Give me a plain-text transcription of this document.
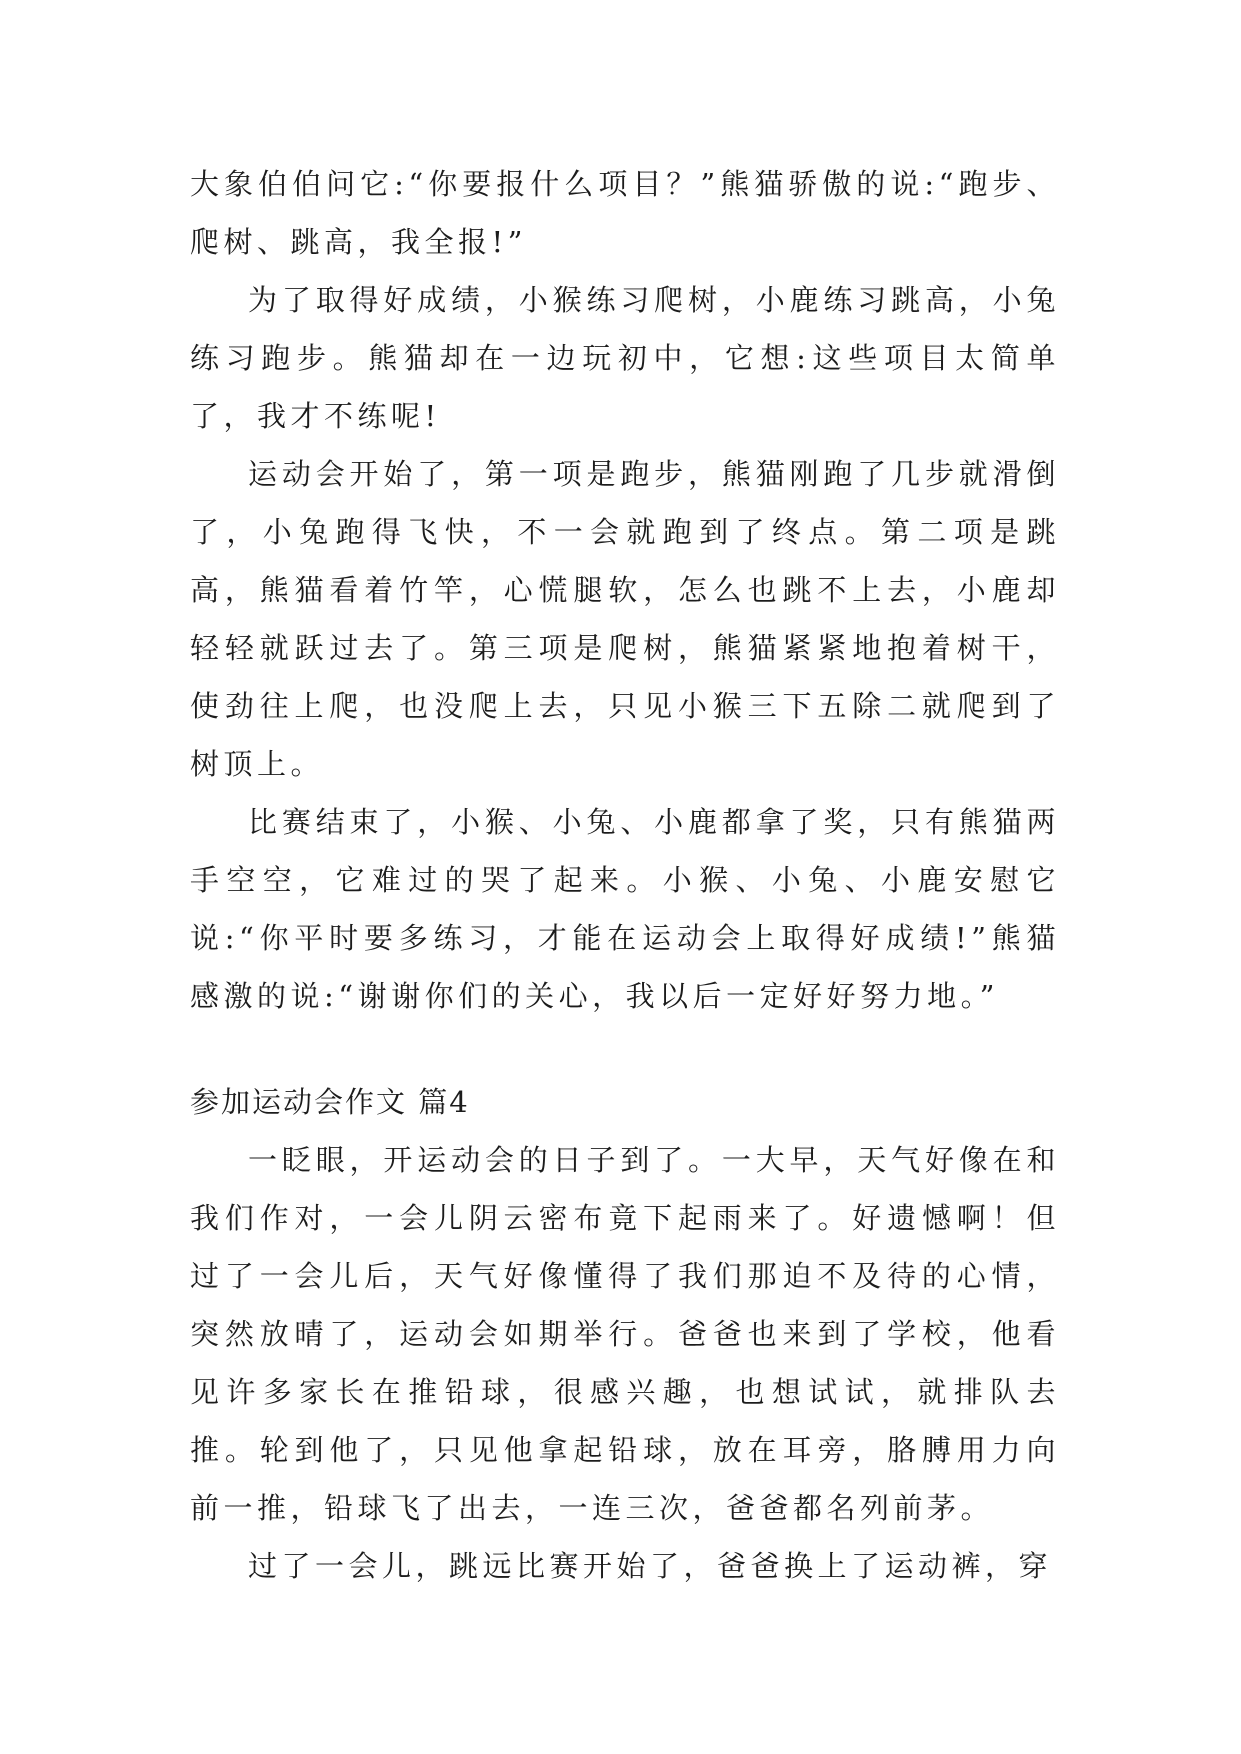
大象伯伯问它:“你要报什么项目？”熊猫骄傲的说:“跑步、爬树、跳高，我全报!”

为了取得好成绩，小猴练习爬树，小鹿练习跳高，小兔练习跑步。熊猫却在一边玩初中，它想:这些项目太简单了，我才不练呢!

运动会开始了，第一项是跑步，熊猫刚跑了几步就滑倒了，小兔跑得飞快，不一会就跑到了终点。第二项是跳高，熊猫看着竹竿，心慌腿软，怎么也跳不上去，小鹿却轻轻就跃过去了。第三项是爬树，熊猫紧紧地抱着树干，使劲往上爬，也没爬上去，只见小猴三下五除二就爬到了树顶上。

比赛结束了，小猴、小兔、小鹿都拿了奖，只有熊猫两手空空，它难过的哭了起来。小猴、小兔、小鹿安慰它说:“你平时要多练习，才能在运动会上取得好成绩!”熊猫感激的说:“谢谢你们的关心，我以后一定好好努力地。”

参加运动会作文 篇4

一眨眼，开运动会的日子到了。一大早，天气好像在和我们作对，一会儿阴云密布竟下起雨来了。好遗憾啊！但过了一会儿后，天气好像懂得了我们那迫不及待的心情，突然放晴了，运动会如期举行。爸爸也来到了学校，他看见许多家长在推铅球，很感兴趣，也想试试，就排队去推。轮到他了，只见他拿起铅球，放在耳旁，胳膊用力向前一推，铅球飞了出去，一连三次，爸爸都名列前茅。

过了一会儿，跳远比赛开始了，爸爸换上了运动裤，穿
